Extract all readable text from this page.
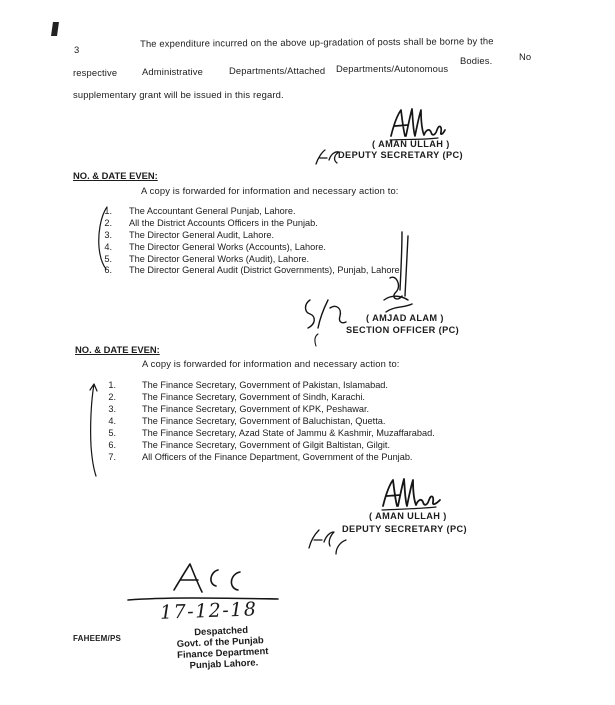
3
The expenditure incurred on the above up-gradation of posts shall be borne by the
respective	Administrative	Departments/Attached Departments/Autonomous
Bodies.	No
supplementary grant will be issued in this regard.
( AMAN ULLAH )
DEPUTY SECRETARY (PC)
NO. & DATE EVEN:
A copy is forwarded for information and necessary action to:
1. The Accountant General Punjab, Lahore.
2. All the District Accounts Officers in the Punjab.
3. The Director General Audit, Lahore.
4. The Director General Works (Accounts), Lahore.
5. The Director General Works (Audit), Lahore.
6. The Director General Audit (District Governments), Punjab, Lahore.
( AMJAD ALAM )
SECTION OFFICER (PC)
NO. & DATE EVEN:
A copy is forwarded for information and necessary action to:
1.	The Finance Secretary, Government of Pakistan, Islamabad.
2.	The Finance Secretary, Government of Sindh, Karachi.
3.	The Finance Secretary, Government of KPK, Peshawar.
4.	The Finance Secretary, Government of Baluchistan, Quetta.
5.	The Finance Secretary, Azad State of Jammu & Kashmir, Muzaffarabad.
6.	The Finance Secretary, Government of Gilgit Baltistan, Gilgit.
7.	All Officers of the Finance Department, Government of the Punjab.
( AMAN ULLAH )
DEPUTY SECRETARY (PC)
FAHEEM/PS
17-12-18
Despatched
Govt. of the Punjab
Finance Department
Punjab Lahore.
